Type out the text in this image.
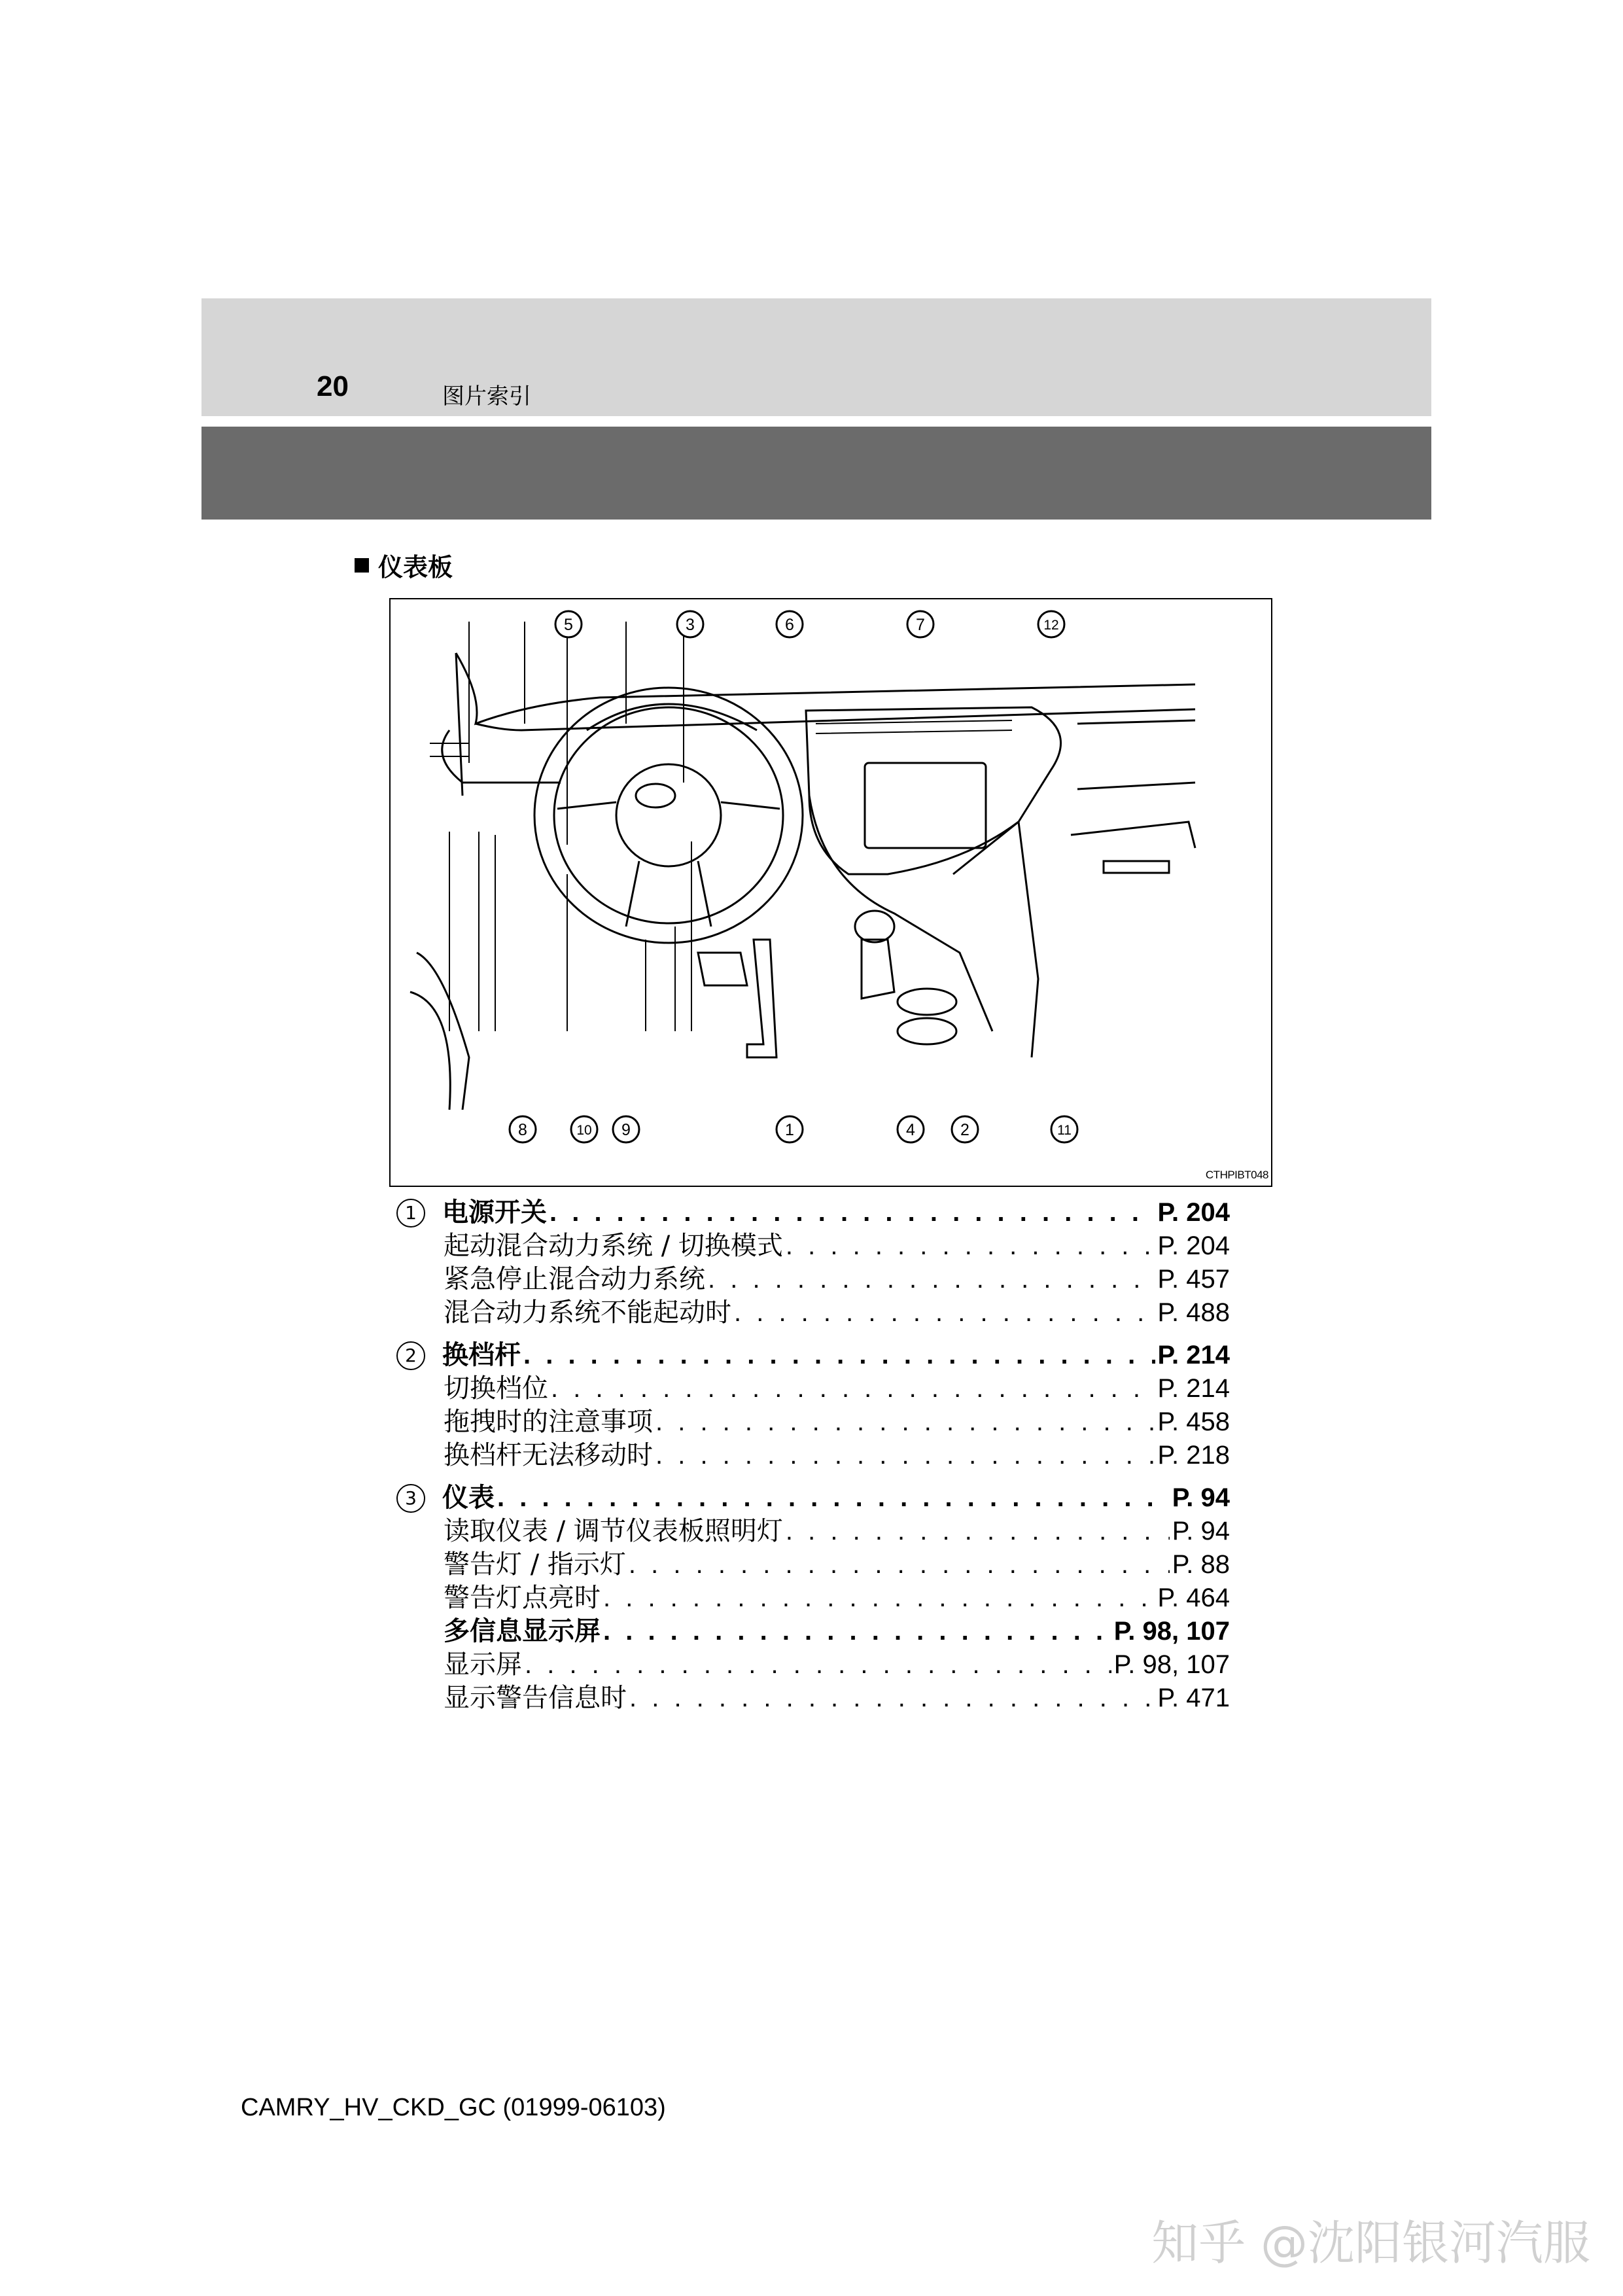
20	图片索引
仪表板
5	3	6	7	12
8	10 9	1	4	2	11
CTHPIBT048
1 电源开关 . . .	P. 204
起动混合动力系统 / 切换模式 . . .	P. 204
紧急停止混合动力系统 . . .	P. 457
混合动力系统不能起动时 . . .	P. 488
2 换档杆 . . .	P. 214
切换档位 . . .	P. 214
拖拽时的注意事项 . . .	P. 458
换档杆无法移动时 . . .	P. 218
3 仪表 . . .	P. 94
读取仪表 / 调节仪表板照明灯 . . .	P. 94
警告灯 / 指示灯 . . .	P. 88
警告灯点亮时 . . .	P. 464
多信息显示屏 . . .	P. 98, 107
显示屏 . . .	P. 98, 107
显示警告信息时 . . .	P. 471
CAMRY_HV_CKD_GC (01999-06103)
知乎 @沈阳银河汽服
